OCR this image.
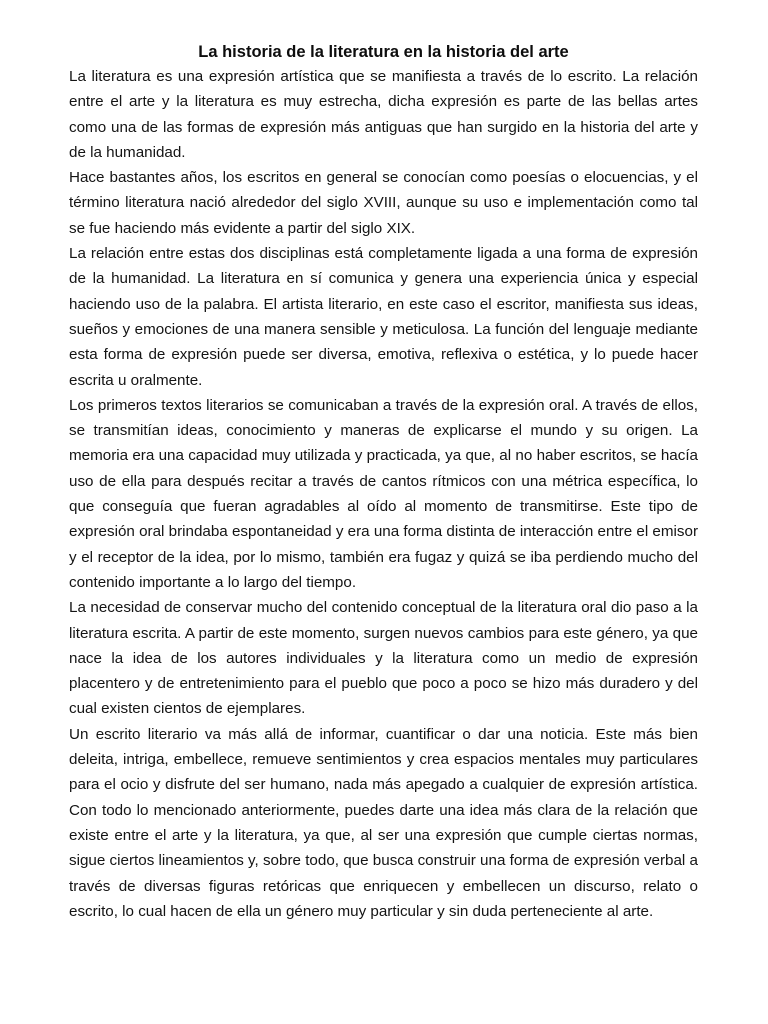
La historia de la literatura en la historia del arte

La literatura es una expresión artística que se manifiesta a través de lo escrito. La relación entre el arte y la literatura es muy estrecha, dicha expresión es parte de las bellas artes como una de las formas de expresión más antiguas que han surgido en la historia del arte y de la humanidad.

Hace bastantes años, los escritos en general se conocían como poesías o elocuencias, y el término literatura nació alrededor del siglo XVIII, aunque su uso e implementación como tal se fue haciendo más evidente a partir del siglo XIX.

La relación entre estas dos disciplinas está completamente ligada a una forma de expresión de la humanidad. La literatura en sí comunica y genera una experiencia única y especial haciendo uso de la palabra. El artista literario, en este caso el escritor, manifiesta sus ideas, sueños y emociones de una manera sensible y meticulosa. La función del lenguaje mediante esta forma de expresión puede ser diversa, emotiva, reflexiva o estética, y lo puede hacer escrita u oralmente.

Los primeros textos literarios se comunicaban a través de la expresión oral. A través de ellos, se transmitían ideas, conocimiento y maneras de explicarse el mundo y su origen. La memoria era una capacidad muy utilizada y practicada, ya que, al no haber escritos, se hacía uso de ella para después recitar a través de cantos rítmicos con una métrica específica, lo que conseguía que fueran agradables al oído al momento de transmitirse. Este tipo de expresión oral brindaba espontaneidad y era una forma distinta de interacción entre el emisor y el receptor de la idea, por lo mismo, también era fugaz y quizá se iba perdiendo mucho del contenido importante a lo largo del tiempo.

La necesidad de conservar mucho del contenido conceptual de la literatura oral dio paso a la literatura escrita. A partir de este momento, surgen nuevos cambios para este género, ya que nace la idea de los autores individuales y la literatura como un medio de expresión placentero y de entretenimiento para el pueblo que poco a poco se hizo más duradero y del cual existen cientos de ejemplares.

Un escrito literario va más allá de informar, cuantificar o dar una noticia. Este más bien deleita, intriga, embellece, remueve sentimientos y crea espacios mentales muy particulares para el ocio y disfrute del ser humano, nada más apegado a cualquier de expresión artística. Con todo lo mencionado anteriormente, puedes darte una idea más clara de la relación que existe entre el arte y la literatura, ya que, al ser una expresión que cumple ciertas normas, sigue ciertos lineamientos y, sobre todo, que busca construir una forma de expresión verbal a través de diversas figuras retóricas que enriquecen y embellecen un discurso, relato o escrito, lo cual hacen de ella un género muy particular y sin duda perteneciente al arte.
